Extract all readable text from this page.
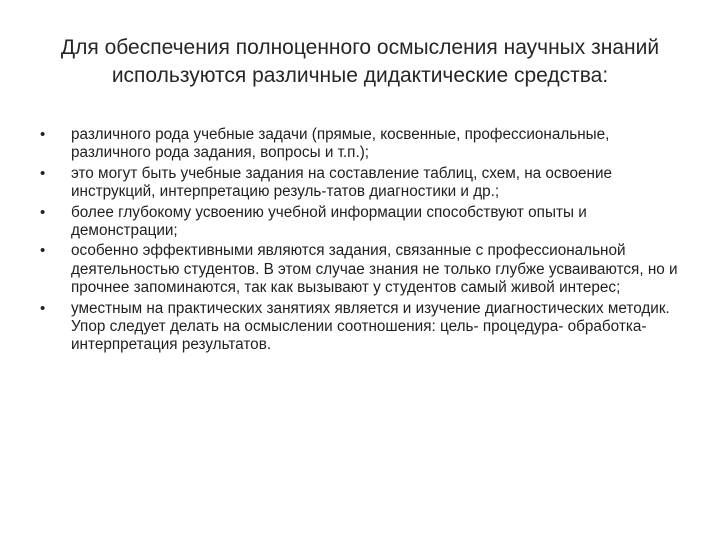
Для обеспечения полноценного осмысления научных знаний
используются различные дидактические средства:
• различного рода учебные задачи (прямые, косвенные, профессиональные, различного рода задания, вопросы и т.п.);
• это могут быть учебные задания на составление таблиц, схем, на освоение инструкций, интерпретацию резуль-татов диагностики и др.;
• более глубокому усвоению учебной информации способствуют опыты и демонстрации;
• особенно эффективными являются задания, связанные с профессиональной деятельностью студентов. В этом случае знания не только глубже усваиваются, но и прочнее запоминаются, так как вызывают у студентов самый живой интерес;
• уместным на практических занятиях является и изучение диагностических методик. Упор следует делать на осмыслении соотношения: цель- процедура- обработка- интерпретация результатов.
